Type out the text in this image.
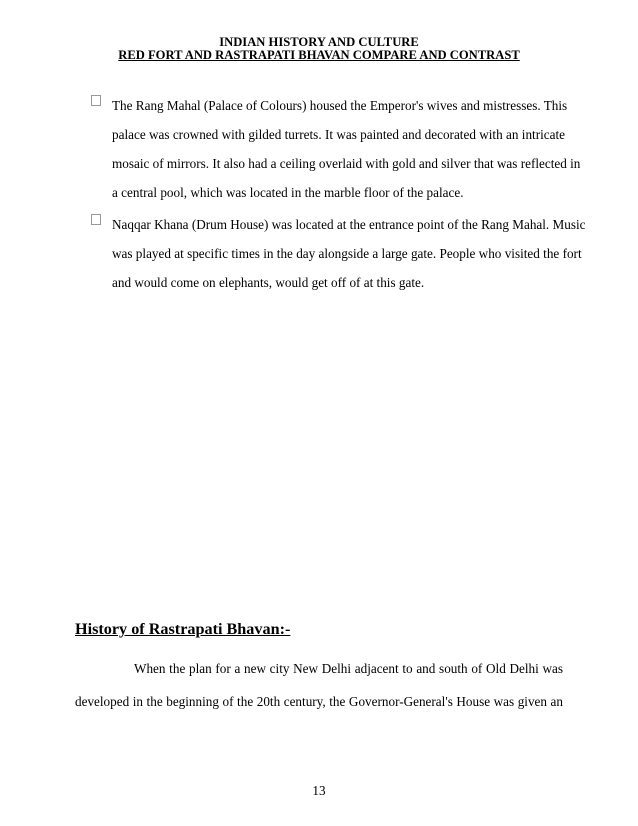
INDIAN HISTORY AND CULTURE
RED FORT AND RASTRAPATI BHAVAN COMPARE AND CONTRAST
The Rang Mahal (Palace of Colours) housed the Emperor's wives and mistresses. This
palace was crowned with gilded turrets. It was painted and decorated with an intricate
mosaic of mirrors. It also had a ceiling overlaid with gold and silver that was reflected in
a central pool, which was located in the marble floor of the palace.
Naqqar Khana (Drum House) was located at the entrance point of the Rang Mahal. Music
was played at specific times in the day alongside a large gate. People who visited the fort
and would come on elephants, would get off of at this gate.
History of Rastrapati Bhavan:-
When the plan for a new city New Delhi adjacent to and south of Old Delhi was
developed in the beginning of the 20th century, the Governor-General's House was given an
13
